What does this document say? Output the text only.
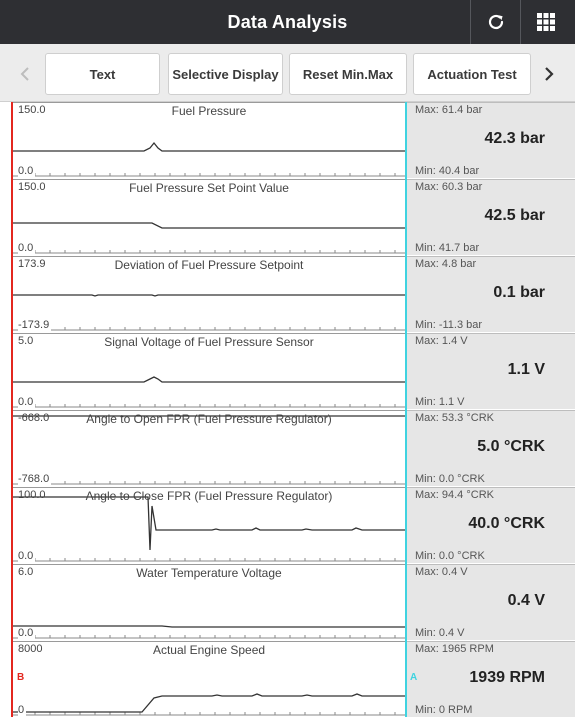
Data Analysis
Text	Selective Display	Reset Min.Max	Actuation Test
150.0	Fuel Pressure
0.0
Max: 61.4 bar
42.3 bar
Min: 40.4 bar
150.0	Fuel Pressure Set Point Value
0.0
Max: 60.3 bar
42.5 bar
Min: 41.7 bar
173.9	Deviation of Fuel Pressure Setpoint
-173.9
Max: 4.8 bar
0.1 bar
Min: -11.3 bar
5.0	Signal Voltage of Fuel Pressure Sensor
0.0
Max: 1.4 V
1.1 V
Min: 1.1 V
-668.0	Angle to Open FPR (Fuel Pressure Regulator)
-768.0
Max: 53.3 °CRK
5.0 °CRK
Min: 0.0 °CRK
100.0	Angle to Close FPR (Fuel Pressure Regulator)
0.0
Max: 94.4 °CRK
40.0 °CRK
Min: 0.0 °CRK
6.0	Water Temperature Voltage
0.0
Max: 0.4 V
0.4 V
Min: 0.4 V
8000	Actual Engine Speed
0
Max: 1965 RPM
1939 RPM
Min: 0 RPM
B	A
